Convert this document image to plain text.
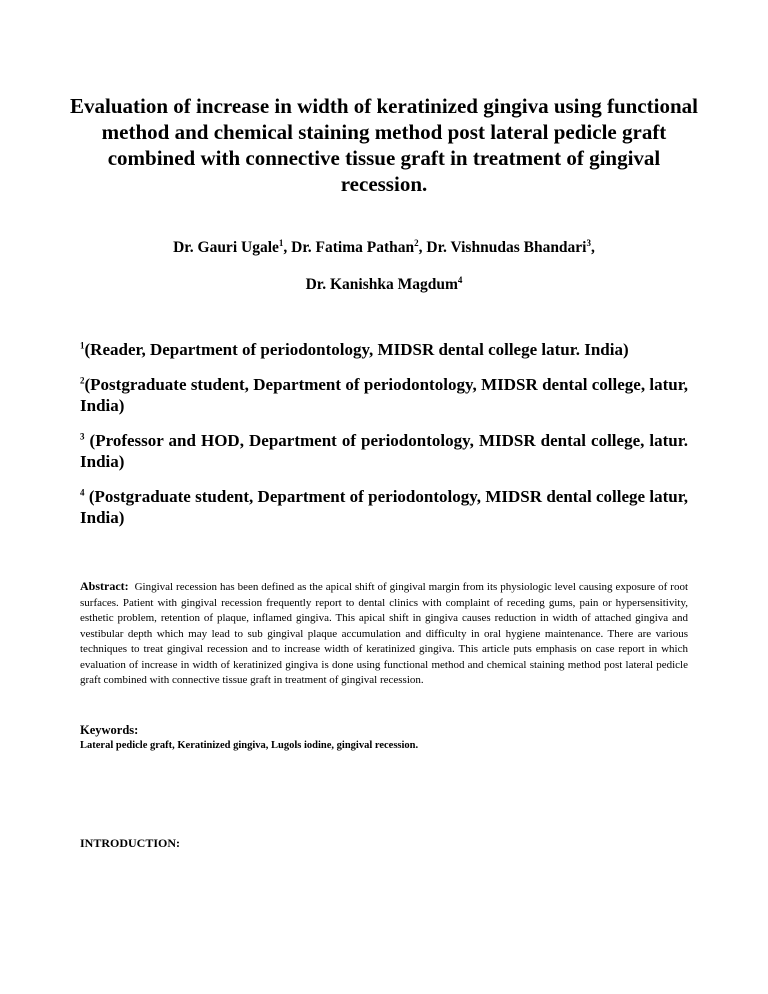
Evaluation of increase in width of keratinized gingiva using functional method and chemical staining method post lateral pedicle graft combined with connective tissue graft in treatment of gingival recession.
Dr. Gauri Ugale$^1$, Dr. Fatima Pathan$^2$, Dr. Vishnudas Bhandari$^3$,
Dr. Kanishka Magdum$^4$

$^1$(Reader, Department of periodontology, MIDSR dental college latur. India)

$^2$(Postgraduate student, Department of periodontology, MIDSR dental college, latur, India)

$^3$ (Professor and HOD, Department of periodontology, MIDSR dental college, latur. India)

$^4$ (Postgraduate student, Department of periodontology, MIDSR dental college latur, India)

Abstract: Gingival recession has been defined as the apical shift of gingival margin from its physiologic level causing exposure of root surfaces. Patient with gingival recession frequently report to dental clinics with complaint of receding gums, pain or hypersensitivity, esthetic problem, retention of plaque, inflamed gingiva. This apical shift in gingiva causes reduction in width of attached gingiva and vestibular depth which may lead to sub gingival plaque accumulation and difficulty in oral hygiene maintenance. There are various techniques to treat gingival recession and to increase width of keratinized gingiva. This article puts emphasis on case report in which evaluation of increase in width of keratinized gingiva is done using functional method and chemical staining method post lateral pedicle graft combined with connective tissue graft in treatment of gingival recession.

Keywords:
Lateral pedicle graft, Keratinized gingiva, Lugols iodine, gingival recession.
INTRODUCTION:
